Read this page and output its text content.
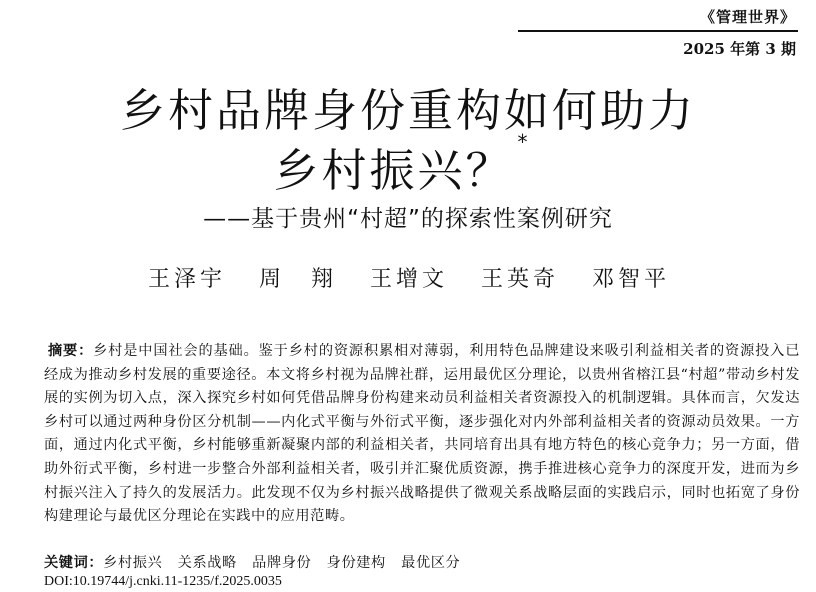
《管理世界》
2025 年第 3 期
乡村品牌身份重构如何助力
乡村振兴？*
——基于贵州“村超”的探索性案例研究
王泽宇 周　翔 王增文 王英奇 邓智平
摘要：乡村是中国社会的基础。鉴于乡村的资源积累相对薄弱，利用特色品牌建设来吸引利益相关者的资源投入已经成为推动乡村发展的重要途径。本文将乡村视为品牌社群，运用最优区分理论，以贵州省榕江县“村超”带动乡村发展的实例为切入点，深入探究乡村如何凭借品牌身份构建来动员利益相关者资源投入的机制逻辑。具体而言，欠发达乡村可以通过两种身份区分机制——内化式平衡与外衍式平衡，逐步强化对内外部利益相关者的资源动员效果。一方面，通过内化式平衡，乡村能够重新凝聚内部的利益相关者，共同培育出具有地方特色的核心竞争力；另一方面，借助外衍式平衡，乡村进一步整合外部利益相关者，吸引并汇聚优质资源，携手推进核心竞争力的深度开发，进而为乡村振兴注入了持久的发展活力。此发现不仅为乡村振兴战略提供了微观关系战略层面的实践启示，同时也拓宽了身份构建理论与最优区分理论在实践中的应用范畴。
关键词：乡村振兴 关系战略 品牌身份 身份建构 最优区分
DOI:10.19744/j.cnki.11-1235/f.2025.0035
